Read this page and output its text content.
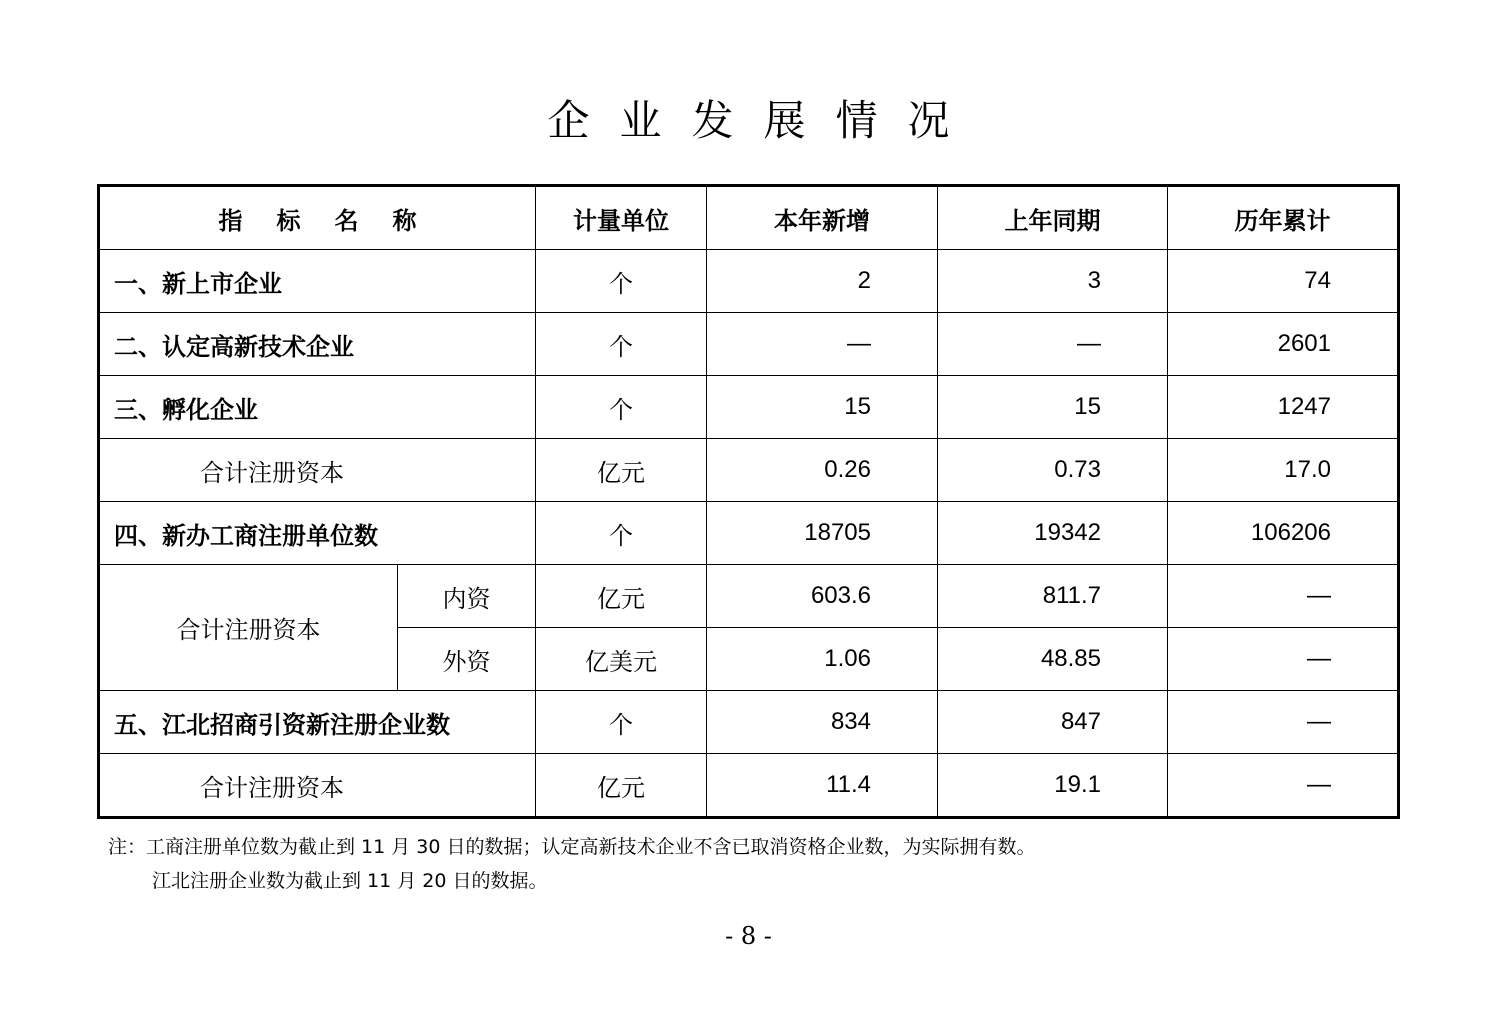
企业发展情况
指标名称		计量单位	本年新增	上年同期	历年累计
一、新上市企业		个	2	3	74
二、认定高新技术企业		个	—	—	2601
三、孵化企业		个	15	15	1247
合计注册资本		亿元	0.26	0.73	17.0
四、新办工商注册单位数		个	18705	19342	106206
合计注册资本	内资	亿元	603.6	811.7	—
	外资	亿美元	1.06	48.85	—
五、江北招商引资新注册企业数		个	834	847	—
合计注册资本		亿元	11.4	19.1	—
注：工商注册单位数为截止到 11 月 30 日的数据；认定高新技术企业不含已取消资格企业数，为实际拥有数。
江北注册企业数为截止到 11 月 20 日的数据。
- 8 -
